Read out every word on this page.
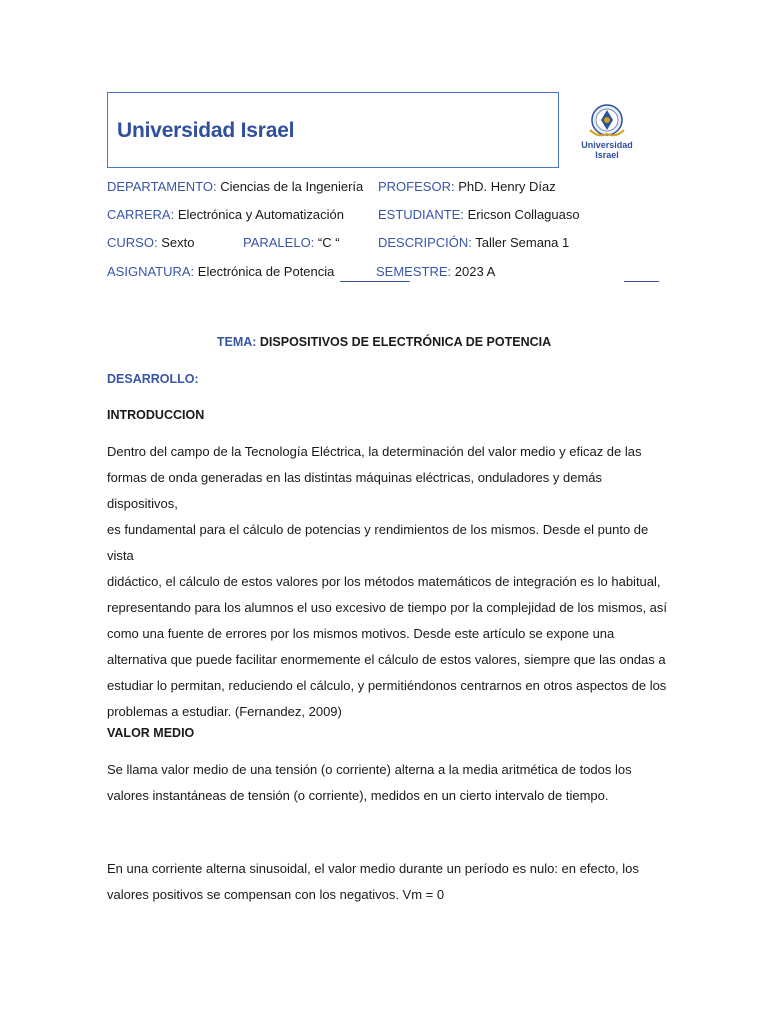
Universidad Israel
Universidad
Israel
DEPARTAMENTO: Ciencias de la Ingeniería PROFESOR: PhD. Henry Díaz
CARRERA: Electrónica y Automatización	ESTUDIANTE: Ericson Collaguaso
CURSO: Sexto	PARALELO: “C “	DESCRIPCIÓN: Taller Semana 1
ASIGNATURA: Electrónica de Potencia	SEMESTRE: 2023 A
TEMA: DISPOSITIVOS DE ELECTRÓNICA DE POTENCIA
DESARROLLO:
INTRODUCCION
Dentro del campo de la Tecnología Eléctrica, la determinación del valor medio y eficaz de las
formas de onda generadas en las distintas máquinas eléctricas, onduladores y demás dispositivos,
es fundamental para el cálculo de potencias y rendimientos de los mismos. Desde el punto de vista
didáctico, el cálculo de estos valores por los métodos matemáticos de integración es lo habitual,
representando para los alumnos el uso excesivo de tiempo por la complejidad de los mismos, así
como una fuente de errores por los mismos motivos. Desde este artículo se expone una
alternativa que puede facilitar enormemente el cálculo de estos valores, siempre que las ondas a
estudiar lo permitan, reduciendo el cálculo, y permitiéndonos centrarnos en otros aspectos de los
problemas a estudiar. (Fernandez, 2009)
VALOR MEDIO
Se llama valor medio de una tensión (o corriente) alterna a la media aritmética de todos los
valores instantáneas de tensión (o corriente), medidos en un cierto intervalo de tiempo.
En una corriente alterna sinusoidal, el valor medio durante un período es nulo: en efecto, los
valores positivos se compensan con los negativos. Vm = 0
